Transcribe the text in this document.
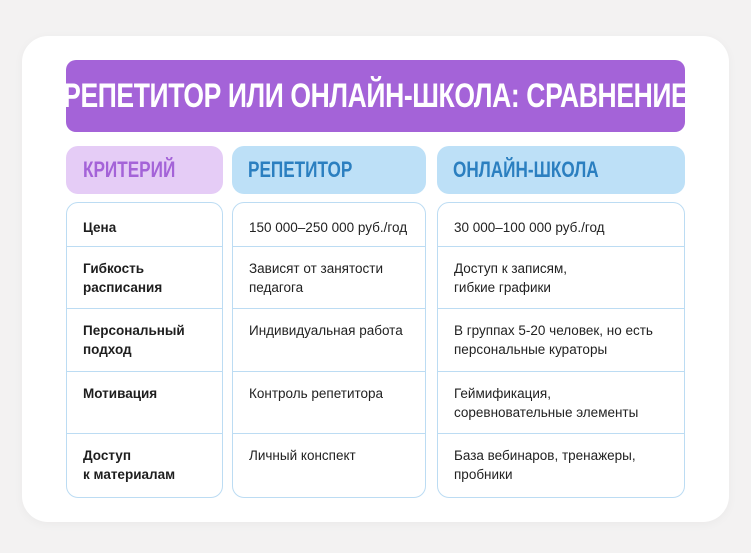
РЕПЕТИТОР ИЛИ ОНЛАЙН-ШКОЛА: СРАВНЕНИЕ
КРИТЕРИЙ	РЕПЕТИТОР	ОНЛАЙН-ШКОЛА
Цена
Гибкость
расписания
Персональный
подход
Мотивация
Доступ
к материалам
150 000–250 000 руб./год
Зависят от занятости
педагога
Индивидуальная работа
Контроль репетитора
Личный конспект
30 000–100 000 руб./год
Доступ к записям,
гибкие графики
В группах 5-20 человек, но есть
персональные кураторы
Геймификация,
соревновательные элементы
База вебинаров, тренажеры,
пробники
